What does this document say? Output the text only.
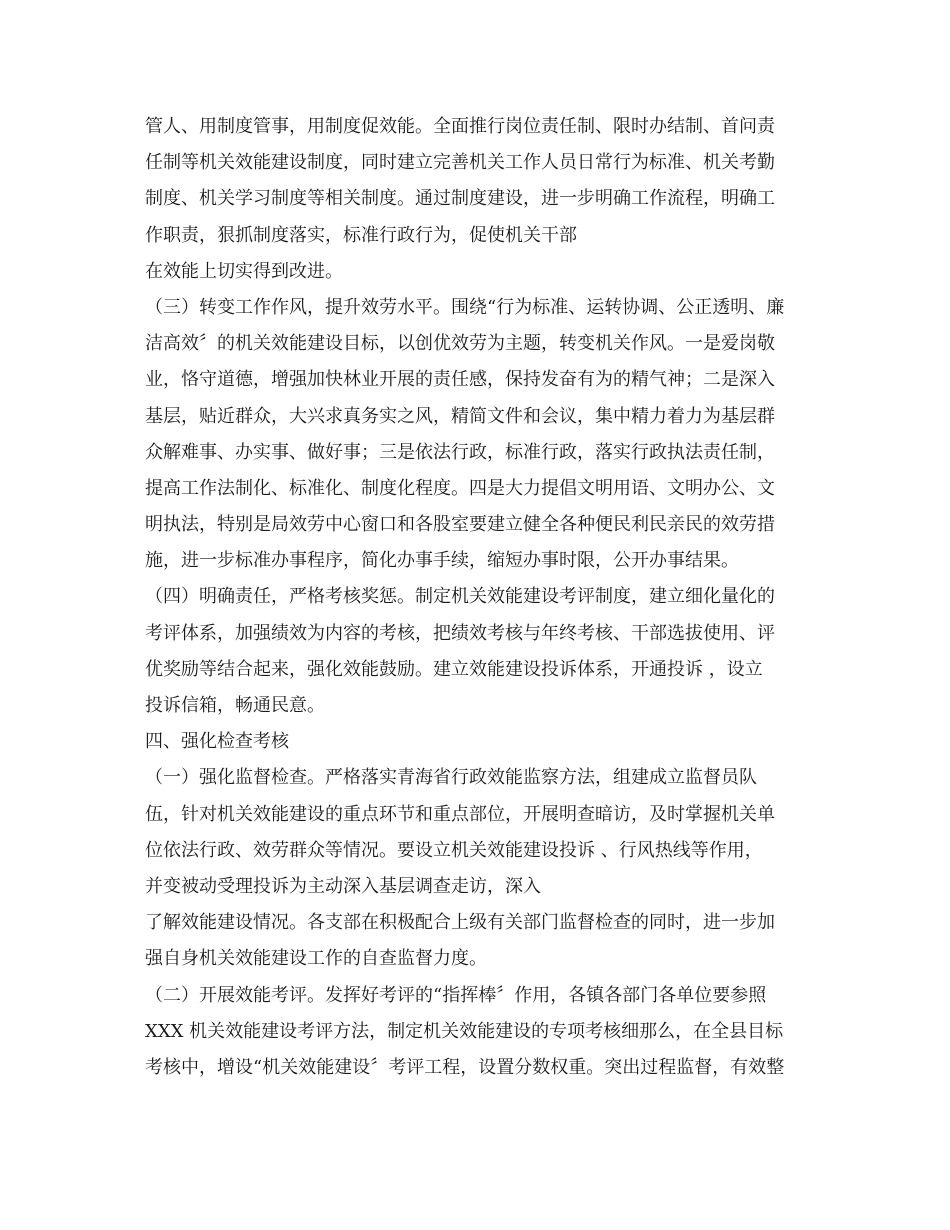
管人、用制度管事，用制度促效能。全面推行岗位责任制、限时办结制、首问责
任制等机关效能建设制度，同时建立完善机关工作人员日常行为标准、机关考勤
制度、机关学习制度等相关制度。通过制度建设，进一步明确工作流程，明确工
作职责，狠抓制度落实，标准行政行为，促使机关干部
在效能上切实得到改进。
（三）转变工作作风，提升效劳水平。围绕“行为标准、运转协调、公正透明、廉
洁高效〞的机关效能建设目标，以创优效劳为主题，转变机关作风。一是爱岗敬
业，恪守道德，增强加快林业开展的责任感，保持发奋有为的精气神；二是深入
基层，贴近群众，大兴求真务实之风，精简文件和会议，集中精力着力为基层群
众解难事、办实事、做好事；三是依法行政，标准行政，落实行政执法责任制，
提高工作法制化、标准化、制度化程度。四是大力提倡文明用语、文明办公、文
明执法，特别是局效劳中心窗口和各股室要建立健全各种便民利民亲民的效劳措
施，进一步标准办事程序，简化办事手续，缩短办事时限，公开办事结果。
（四）明确责任，严格考核奖惩。制定机关效能建设考评制度，建立细化量化的
考评体系，加强绩效为内容的考核，把绩效考核与年终考核、干部选拔使用、评
优奖励等结合起来，强化效能鼓励。建立效能建设投诉体系，开通投诉 ，设立
投诉信箱，畅通民意。
四、强化检查考核
（一）强化监督检查。严格落实青海省行政效能监察方法，组建成立监督员队
伍，针对机关效能建设的重点环节和重点部位，开展明查暗访，及时掌握机关单
位依法行政、效劳群众等情况。要设立机关效能建设投诉 、行风热线等作用，
并变被动受理投诉为主动深入基层调查走访，深入
了解效能建设情况。各支部在积极配合上级有关部门监督检查的同时，进一步加
强自身机关效能建设工作的自查监督力度。
（二）开展效能考评。发挥好考评的“指挥棒〞作用，各镇各部门各单位要参照
XXX 机关效能建设考评方法，制定机关效能建设的专项考核细那么，在全县目标
考核中，增设“机关效能建设〞考评工程，设置分数权重。突出过程监督，有效整
